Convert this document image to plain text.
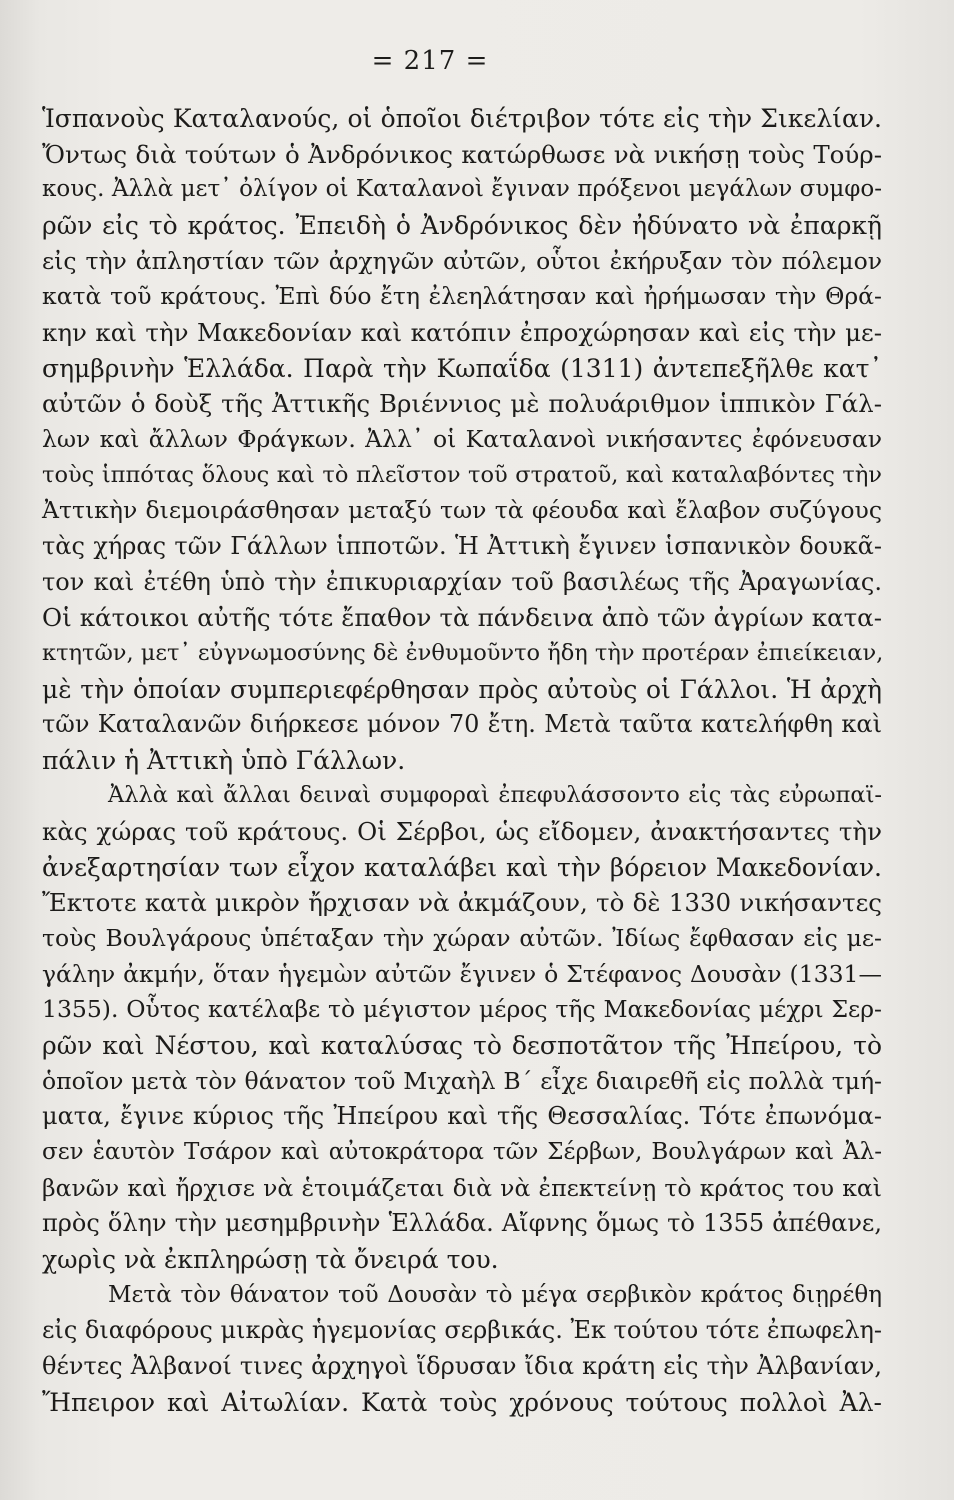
= 217 =
Ἱσπανοὺς Καταλανούς, οἱ ὁποῖοι διέτριβον τότε εἰς τὴν Σικελίαν.
Ὄντως διὰ τούτων ὁ Ἀνδρόνικος κατώρθωσε νὰ νικήσῃ τοὺς Τούρ-
κους. Ἀλλὰ μετ᾿ ὀλίγον οἱ Καταλανοὶ ἔγιναν πρόξενοι μεγάλων συμφο-
ρῶν εἰς τὸ κράτος. Ἐπειδὴ ὁ Ἀνδρόνικος δὲν ἠδύνατο νὰ ἐπαρκῇ
εἰς τὴν ἀπληστίαν τῶν ἀρχηγῶν αὐτῶν, οὗτοι ἐκήρυξαν τὸν πόλεμον
κατὰ τοῦ κράτους. Ἐπὶ δύο ἔτη ἐλεηλάτησαν καὶ ἠρήμωσαν τὴν Θρά-
κην καὶ τὴν Μακεδονίαν καὶ κατόπιν ἐπροχώρησαν καὶ εἰς τὴν με-
σημβρινὴν Ἑλλάδα. Παρὰ τὴν Κωπαΐδα (1311) ἀντεπεξῆλθε κατ᾿
αὐτῶν ὁ δοὺξ τῆς Ἀττικῆς Βριέννιος μὲ πολυάριθμον ἱππικὸν Γάλ-
λων καὶ ἄλλων Φράγκων. Ἀλλ᾿ οἱ Καταλανοὶ νικήσαντες ἐφόνευσαν
τοὺς ἱππότας ὅλους καὶ τὸ πλεῖστον τοῦ στρατοῦ, καὶ καταλαβόντες τὴν
Ἀττικὴν διεμοιράσθησαν μεταξύ των τὰ φέουδα καὶ ἔλαβον συζύγους
τὰς χήρας τῶν Γάλλων ἱπποτῶν. Ἡ Ἀττικὴ ἔγινεν ἱσπανικὸν δουκᾶ-
τον καὶ ἐτέθη ὑπὸ τὴν ἐπικυριαρχίαν τοῦ βασιλέως τῆς Ἀραγωνίας.
Οἱ κάτοικοι αὐτῆς τότε ἔπαθον τὰ πάνδεινα ἀπὸ τῶν ἀγρίων κατα-
κτητῶν, μετ᾿ εὐγνωμοσύνης δὲ ἐνθυμοῦντο ἤδη τὴν προτέραν ἐπιείκειαν,
μὲ τὴν ὁποίαν συμπεριεφέρθησαν πρὸς αὐτοὺς οἱ Γάλλοι. Ἡ ἀρχὴ
τῶν Καταλανῶν διήρκεσε μόνον 70 ἔτη. Μετὰ ταῦτα κατελήφθη καὶ
πάλιν ἡ Ἀττικὴ ὑπὸ Γάλλων.
Ἀλλὰ καὶ ἄλλαι δειναὶ συμφοραὶ ἐπεφυλάσσοντο εἰς τὰς εὐρωπαϊ-
κὰς χώρας τοῦ κράτους. Οἱ Σέρβοι, ὡς εἴδομεν, ἀνακτήσαντες τὴν
ἀνεξαρτησίαν των εἶχον καταλάβει καὶ τὴν βόρειον Μακεδονίαν.
Ἔκτοτε κατὰ μικρὸν ἤρχισαν νὰ ἀκμάζουν, τὸ δὲ 1330 νικήσαντες
τοὺς Βουλγάρους ὑπέταξαν τὴν χώραν αὐτῶν. Ἰδίως ἔφθασαν εἰς με-
γάλην ἀκμήν, ὅταν ἡγεμὼν αὐτῶν ἔγινεν ὁ Στέφανος Δουσὰν (1331—
1355). Οὗτος κατέλαβε τὸ μέγιστον μέρος τῆς Μακεδονίας μέχρι Σερ-
ρῶν καὶ Νέστου, καὶ καταλύσας τὸ δεσποτᾶτον τῆς Ἠπείρου, τὸ
ὁποῖον μετὰ τὸν θάνατον τοῦ Μιχαὴλ Β΄ εἶχε διαιρεθῆ εἰς πολλὰ τμή-
ματα, ἔγινε κύριος τῆς Ἠπείρου καὶ τῆς Θεσσαλίας. Τότε ἐπωνόμα-
σεν ἑαυτὸν Τσάρον καὶ αὐτοκράτορα τῶν Σέρβων, Βουλγάρων καὶ Ἀλ-
βανῶν καὶ ἤρχισε νὰ ἑτοιμάζεται διὰ νὰ ἐπεκτείνῃ τὸ κράτος του καὶ
πρὸς ὅλην τὴν μεσημβρινὴν Ἑλλάδα. Αἴφνης ὅμως τὸ 1355 ἀπέθανε,
χωρὶς νὰ ἐκπληρώσῃ τὰ ὄνειρά του.
Μετὰ τὸν θάνατον τοῦ Δουσὰν τὸ μέγα σερβικὸν κράτος διῃρέθη
εἰς διαφόρους μικρὰς ἡγεμονίας σερβικάς. Ἐκ τούτου τότε ἐπωφελη-
θέντες Ἀλβανοί τινες ἀρχηγοὶ ἵδρυσαν ἴδια κράτη εἰς τὴν Ἀλβανίαν,
Ἤπειρον καὶ Αἰτωλίαν. Κατὰ τοὺς χρόνους τούτους πολλοὶ Ἀλ-
